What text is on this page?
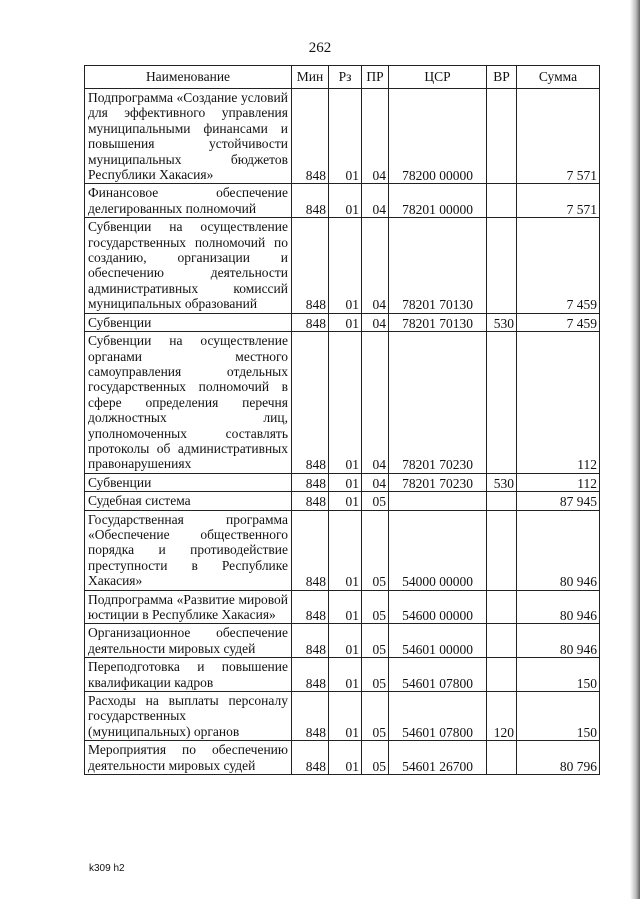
262
Наименование	Мин	Рз	ПР	ЦСР	ВР	Сумма
Подпрограмма «Создание условий для эффективного управления муниципальными финансами и повышения устойчивости муниципальных бюджетов Республики Хакасия»	848	01	04	78200 00000		7 571
Финансовое обеспечение делегированных полномочий	848	01	04	78201 00000		7 571
Субвенции на осуществление государственных полномочий по созданию, организации и обеспечению деятельности административных комиссий муниципальных образований	848	01	04	78201 70130		7 459
Субвенции	848	01	04	78201 70130	530	7 459
Субвенции на осуществление органами местного самоуправления отдельных государственных полномочий в сфере определения перечня должностных лиц, уполномоченных составлять протоколы об административных правонарушениях	848	01	04	78201 70230		112
Субвенции	848	01	04	78201 70230	530	112
Судебная система	848	01	05			87 945
Государственная программа «Обеспечение общественного порядка и противодействие преступности в Республике Хакасия»	848	01	05	54000 00000		80 946
Подпрограмма «Развитие мировой юстиции в Республике Хакасия»	848	01	05	54600 00000		80 946
Организационное обеспечение деятельности мировых судей	848	01	05	54601 00000		80 946
Переподготовка и повышение квалификации кадров	848	01	05	54601 07800		150
Расходы на выплаты персоналу государственных (муниципальных) органов	848	01	05	54601 07800	120	150
Мероприятия по обеспечению деятельности мировых судей	848	01	05	54601 26700		80 796
k309 h2
